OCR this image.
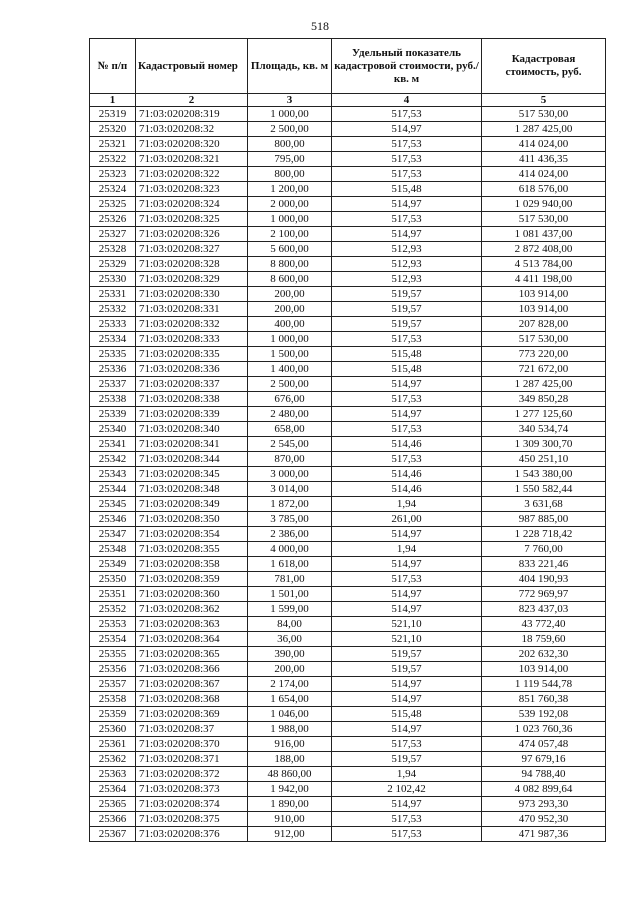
518
№ п/п	Кадастровый номер	Площадь, кв. м	Удельный показатель кадастровой стоимости, руб./кв. м	Кадастровая стоимость, руб.
1	2	3	4	5
25319	71:03:020208:319	1 000,00	517,53	517 530,00
25320	71:03:020208:32	2 500,00	514,97	1 287 425,00
25321	71:03:020208:320	800,00	517,53	414 024,00
25322	71:03:020208:321	795,00	517,53	411 436,35
25323	71:03:020208:322	800,00	517,53	414 024,00
25324	71:03:020208:323	1 200,00	515,48	618 576,00
25325	71:03:020208:324	2 000,00	514,97	1 029 940,00
25326	71:03:020208:325	1 000,00	517,53	517 530,00
25327	71:03:020208:326	2 100,00	514,97	1 081 437,00
25328	71:03:020208:327	5 600,00	512,93	2 872 408,00
25329	71:03:020208:328	8 800,00	512,93	4 513 784,00
25330	71:03:020208:329	8 600,00	512,93	4 411 198,00
25331	71:03:020208:330	200,00	519,57	103 914,00
25332	71:03:020208:331	200,00	519,57	103 914,00
25333	71:03:020208:332	400,00	519,57	207 828,00
25334	71:03:020208:333	1 000,00	517,53	517 530,00
25335	71:03:020208:335	1 500,00	515,48	773 220,00
25336	71:03:020208:336	1 400,00	515,48	721 672,00
25337	71:03:020208:337	2 500,00	514,97	1 287 425,00
25338	71:03:020208:338	676,00	517,53	349 850,28
25339	71:03:020208:339	2 480,00	514,97	1 277 125,60
25340	71:03:020208:340	658,00	517,53	340 534,74
25341	71:03:020208:341	2 545,00	514,46	1 309 300,70
25342	71:03:020208:344	870,00	517,53	450 251,10
25343	71:03:020208:345	3 000,00	514,46	1 543 380,00
25344	71:03:020208:348	3 014,00	514,46	1 550 582,44
25345	71:03:020208:349	1 872,00	1,94	3 631,68
25346	71:03:020208:350	3 785,00	261,00	987 885,00
25347	71:03:020208:354	2 386,00	514,97	1 228 718,42
25348	71:03:020208:355	4 000,00	1,94	7 760,00
25349	71:03:020208:358	1 618,00	514,97	833 221,46
25350	71:03:020208:359	781,00	517,53	404 190,93
25351	71:03:020208:360	1 501,00	514,97	772 969,97
25352	71:03:020208:362	1 599,00	514,97	823 437,03
25353	71:03:020208:363	84,00	521,10	43 772,40
25354	71:03:020208:364	36,00	521,10	18 759,60
25355	71:03:020208:365	390,00	519,57	202 632,30
25356	71:03:020208:366	200,00	519,57	103 914,00
25357	71:03:020208:367	2 174,00	514,97	1 119 544,78
25358	71:03:020208:368	1 654,00	514,97	851 760,38
25359	71:03:020208:369	1 046,00	515,48	539 192,08
25360	71:03:020208:37	1 988,00	514,97	1 023 760,36
25361	71:03:020208:370	916,00	517,53	474 057,48
25362	71:03:020208:371	188,00	519,57	97 679,16
25363	71:03:020208:372	48 860,00	1,94	94 788,40
25364	71:03:020208:373	1 942,00	2 102,42	4 082 899,64
25365	71:03:020208:374	1 890,00	514,97	973 293,30
25366	71:03:020208:375	910,00	517,53	470 952,30
25367	71:03:020208:376	912,00	517,53	471 987,36
